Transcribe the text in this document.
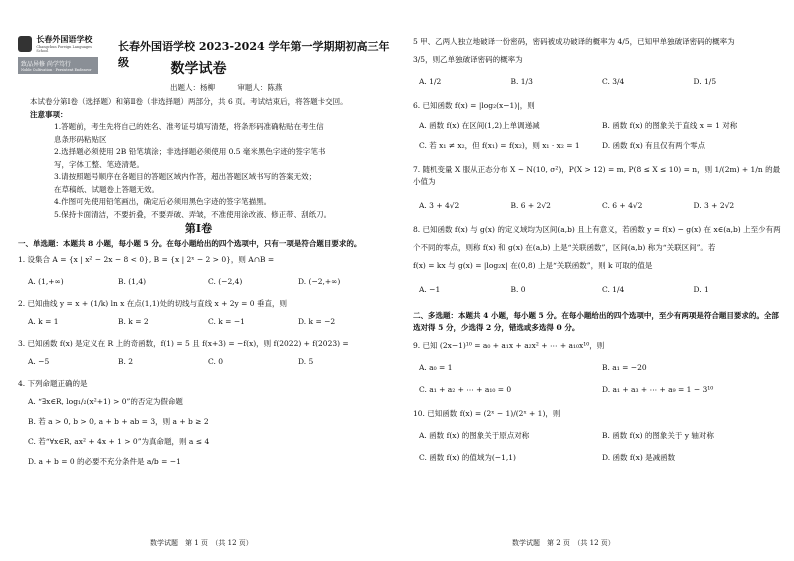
长春外国语学校
Changchun Foreign Languages School
致品异修 尚学笃行
Noble Cultivation · Persistent Endeavor
长春外国语学校 2023-2024 学年第一学期期初高三年级	数学试卷
出题人：杨柳	审题人：陈燕

本试卷分第Ⅰ卷（选择题）和第Ⅱ卷（非选择题）两部分，共 6 页。考试结束后，将答题卡交回。

注意事项：

1.答题前，考生先将自己的姓名、准考证号填写清楚，将条形码准确粘贴在考生信

息条形码粘贴区

2.选择题必须使用 2B 铅笔填涂；非选择题必须使用 0.5 毫米黑色字迹的签字笔书

写，字体工整、笔迹清楚。

3.请按照题号顺序在各题目的答题区域内作答，超出答题区域书写的答案无效；

在草稿纸、试题卷上答题无效。

4.作图可先使用铅笔画出，确定后必须用黑色字迹的签字笔描黑。

5.保持卡面清洁，不要折叠，不要弄破、弄皱，不准使用涂改液、修正带、刮纸刀。

第Ⅰ卷
一、单选题：本题共 8 小题，每小题 5 分。在每小题给出的四个选项中，只有一项是符合题目要求的。
1. 设集合 A = {x | x² − 2x − 8 < 0}, B = {x | 2ˣ − 2 > 0}，则 A∩B =
A. (1,+∞)	B. (1,4)	C. (−2,4)	D. (−2,+∞)
2. 已知曲线 y = x + (1/k) ln x 在点(1,1)处的切线与直线 x + 2y = 0 垂直，则
A. k = 1	B. k = 2	C. k = −1	D. k = −2
3. 已知函数 f(x) 是定义在 R 上的奇函数，f(1) = 5 且 f(x+3) = −f(x)，则 f(2022) + f(2023) =
A. −5	B. 2	C. 0	D. 5
4. 下列命题正确的是
A. “∃x∈R, log₁/₂(x²+1) > 0”的否定为假命题
B. 若 a > 0, b > 0, a + b + ab = 3，则 a + b ≥ 2
C. 若“∀x∈R, ax² + 4x + 1 > 0”为真命题，则 a ≤ 4
D. a + b = 0 的必要不充分条件是 a/b = −1
数学试题　第 1 页　（共 12 页）
5 甲、乙两人独立地破译一份密码，密码被成功破译的概率为 4/5，已知甲单独破译密码的概率为
3/5，则乙单独破译密码的概率为
A. 1/2	B. 1/3	C. 3/4	D. 1/5
6. 已知函数 f(x) = |log₂(x−1)|，则
A. 函数 f(x) 在区间(1,2)上单调递减	B. 函数 f(x) 的图象关于直线 x = 1 对称
C. 若 x₁ ≠ x₂，但 f(x₁) = f(x₂)，则 x₁ · x₂ = 1	D. 函数 f(x) 有且仅有两个零点
7. 随机变量 X 服从正态分布 X ~ N(10, σ²)，P(X > 12) = m, P(8 ≤ X ≤ 10) = n，则 1/(2m) + 1/n 的最小值为
A. 3 + 4√2	B. 6 + 2√2	C. 6 + 4√2	D. 3 + 2√2
8. 已知函数 f(x) 与 g(x) 的定义域均为区间(a,b) 且上有意义，若函数 y = f(x) − g(x) 在 x∈(a,b) 上至少有两
个不同的零点，则称 f(x) 和 g(x) 在(a,b) 上是“关联函数”，区间(a,b) 称为“关联区间”。若
f(x) = kx 与 g(x) = |log₂x| 在(0,8) 上是“关联函数”，则 k 可取的值是
A. −1	B. 0	C. 1/4	D. 1
二、多选题：本题共 4 小题，每小题 5 分。在每小题给出的四个选项中，至少有两项是符合题目要求的。全部选对得 5 分，少选得 2 分，错选或多选得 0 分。
9. 已知 (2x−1)¹⁰ = a₀ + a₁x + a₂x² + ⋯ + a₁₀x¹⁰，则
A. a₀ = 1	B. a₁ = −20
C. a₁ + a₂ + ⋯ + a₁₀ = 0	D. a₁ + a₃ + ⋯ + a₉ = 1 − 3¹⁰
10. 已知函数 f(x) = (2ˣ − 1)/(2ˣ + 1)，则
A. 函数 f(x) 的图象关于原点对称	B. 函数 f(x) 的图象关于 y 轴对称
C. 函数 f(x) 的值域为(−1,1)	D. 函数 f(x) 是减函数
数学试题　第 2 页　（共 12 页）
